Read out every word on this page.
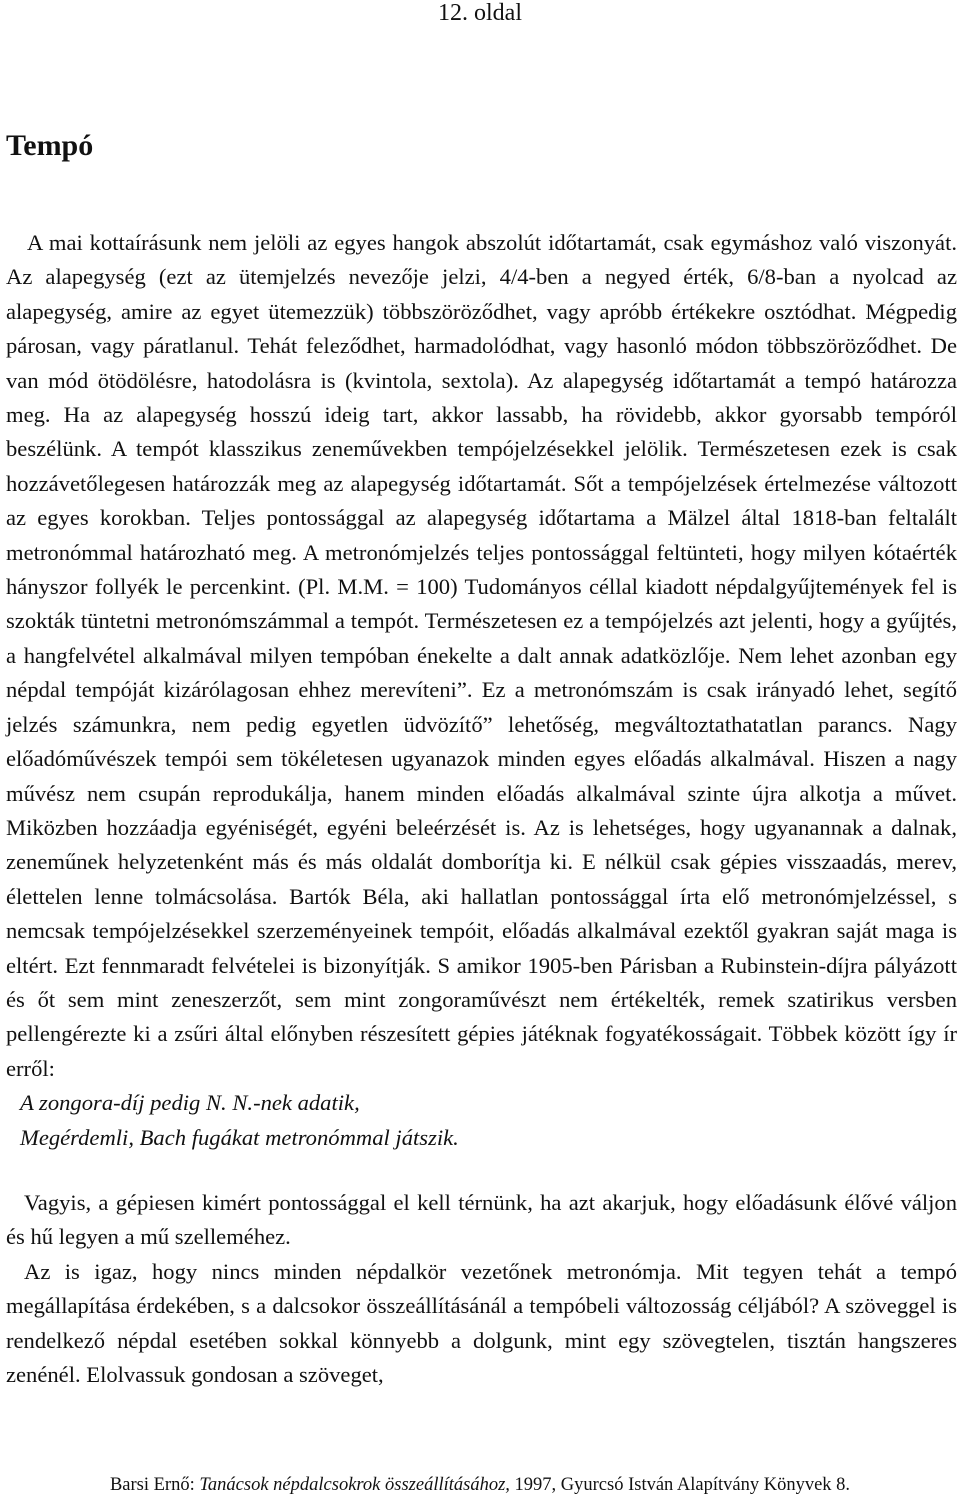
12. oldal
Tempó

A mai kottaírásunk nem jelöli az egyes hangok abszolút időtartamát, csak egymáshoz való viszonyát. Az alapegység (ezt az ütemjelzés nevezője jelzi, 4/4-ben a negyed érték, 6/8-ban a nyolcad az alapegység, amire az egyet ütemezzük) többszöröződhet, vagy apróbb értékekre osztódhat. Mégpedig párosan, vagy páratlanul. Tehát feleződhet, harmadolódhat, vagy hasonló módon többszöröződhet. De van mód ötödölésre, hatodolásra is (kvintola, sextola). Az alapegység időtartamát a tempó határozza meg. Ha az alapegység hosszú ideig tart, akkor lassabb, ha rövidebb, akkor gyorsabb tempóról beszélünk. A tempót klasszikus zeneművekben tempójelzésekkel jelölik. Természetesen ezek is csak hozzávetőlegesen határozzák meg az alapegység időtartamát. Sőt a tempójelzések értelmezése változott az egyes korokban. Teljes pontossággal az alapegység időtartama a Mälzel által 1818-ban feltalált metronómmal határozható meg. A metronómjelzés teljes pontossággal feltünteti, hogy milyen kótaérték hányszor follyék le percenkint. (Pl. M.M. = 100) Tudományos céllal kiadott népdalgyűjtemények fel is szokták tüntetni metronómszámmal a tempót. Természetesen ez a tempójelzés azt jelenti, hogy a gyűjtés, a hangfelvétel alkalmával milyen tempóban énekelte a dalt annak adatközlője. Nem lehet azonban egy népdal tempóját kizárólagosan ehhez merevíteni”. Ez a metronómszám is csak irányadó lehet, segítő jelzés számunkra, nem pedig egyetlen üdvözítő” lehetőség, megváltoztathatatlan parancs. Nagy előadóművészek tempói sem tökéletesen ugyanazok minden egyes előadás alkalmával. Hiszen a nagy művész nem csupán reprodukálja, hanem minden előadás alkalmával szinte újra alkotja a művet. Miközben hozzáadja egyéniségét, egyéni beleérzését is. Az is lehetséges, hogy ugyanannak a dalnak, zeneműnek helyzetenként más és más oldalát domborítja ki. E nélkül csak gépies visszaadás, merev, élettelen lenne tolmácsolása. Bartók Béla, aki hallatlan pontossággal írta elő metronómjelzéssel, s nemcsak tempójelzésekkel szerzeményeinek tempóit, előadás alkalmával ezektől gyakran saját maga is eltért. Ezt fennmaradt felvételei is bizonyítják. S amikor 1905-ben Párisban a Rubinstein-díjra pályázott és őt sem mint zeneszerzőt, sem mint zongoraművészt nem értékelték, remek szatirikus versben pellengérezte ki a zsűri által előnyben részesített gépies játéknak fogyatékosságait. Többek között így ír erről:

A zongora-díj pedig N. N.-nek adatik,
Megérdemli, Bach fugákat metronómmal játszik.

Vagyis, a gépiesen kimért pontossággal el kell térnünk, ha azt akarjuk, hogy előadásunk élővé váljon és hű legyen a mű szelleméhez.

Az is igaz, hogy nincs minden népdalkör vezetőnek metronómja. Mit tegyen tehát a tempó megállapítása érdekében, s a dalcsokor összeállításánál a tempóbeli változosság céljából? A szöveggel is rendelkező népdal esetében sokkal könnyebb a dolgunk, mint egy szövegtelen, tisztán hangszeres zenénél. Elolvassuk gondosan a szöveget,

Barsi Ernő: Tanácsok népdalcsokrok összeállításához, 1997, Gyurcsó István Alapítvány Könyvek 8.
